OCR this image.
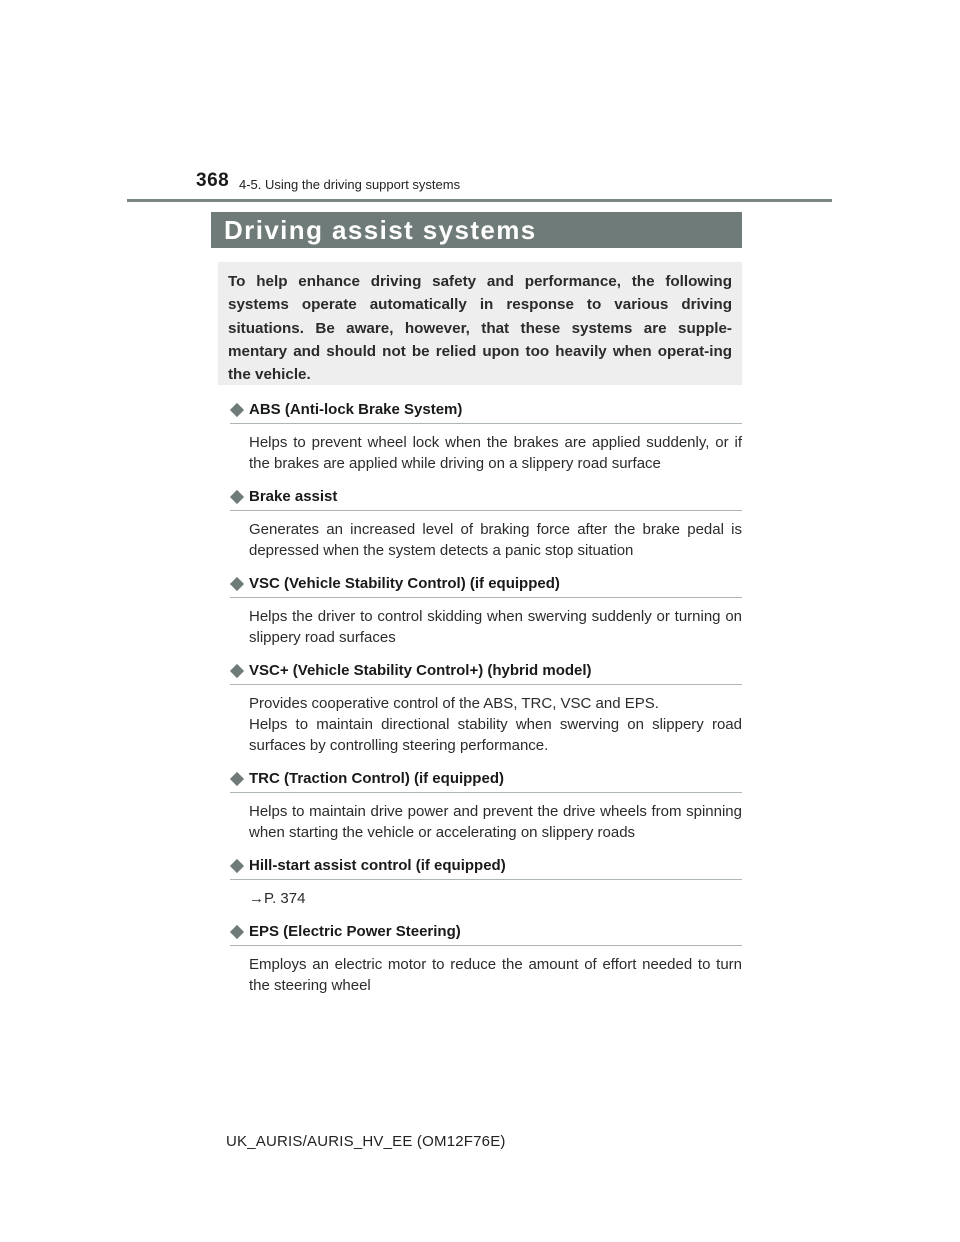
368 4-5. Using the driving support systems
Driving assist systems
To help enhance driving safety and performance, the following systems operate automatically in response to various driving situations. Be aware, however, that these systems are supple-mentary and should not be relied upon too heavily when operat-ing the vehicle.
ABS (Anti-lock Brake System)

Helps to prevent wheel lock when the brakes are applied suddenly, or if the brakes are applied while driving on a slippery road surface

Brake assist

Generates an increased level of braking force after the brake pedal is depressed when the system detects a panic stop situation

VSC (Vehicle Stability Control) (if equipped)

Helps the driver to control skidding when swerving suddenly or turning on slippery road surfaces

VSC+ (Vehicle Stability Control+) (hybrid model)

Provides cooperative control of the ABS, TRC, VSC and EPS.

Helps to maintain directional stability when swerving on slippery road surfaces by controlling steering performance.

TRC (Traction Control) (if equipped)

Helps to maintain drive power and prevent the drive wheels from spinning when starting the vehicle or accelerating on slippery roads

Hill-start assist control (if equipped)

→P. 374

EPS (Electric Power Steering)

Employs an electric motor to reduce the amount of effort needed to turn the steering wheel

UK_AURIS/AURIS_HV_EE (OM12F76E)
